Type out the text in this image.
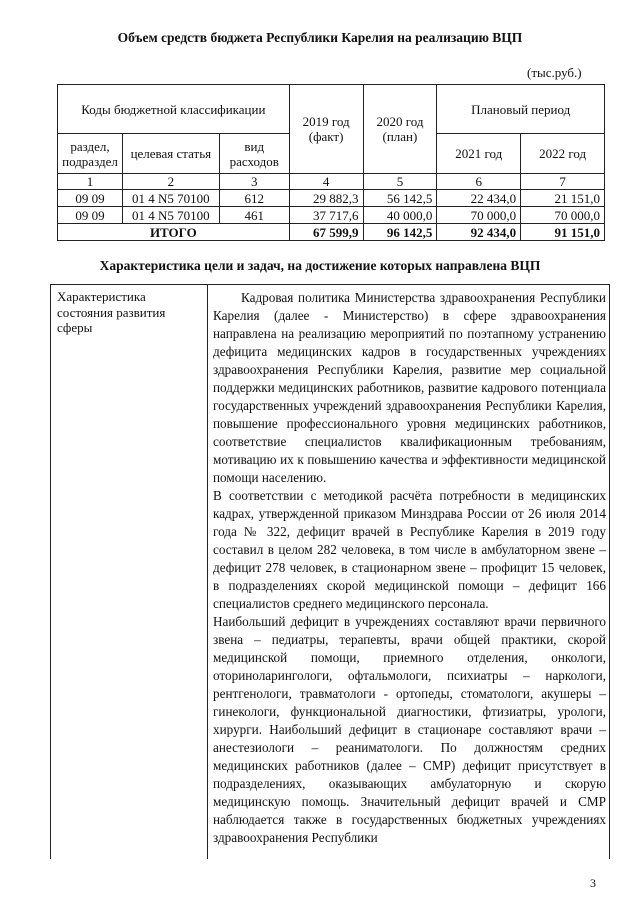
Объем средств бюджета Республики Карелия на реализацию ВЦП
(тыс.руб.)
Коды бюджетной классификации			2019 год (факт)	2020 год (план)	Плановый период	
раздел, подраздел	целевая статья	вид расходов			2021 год	2022 год
1	2	3	4	5	6	7
09 09	01 4 N5 70100	612	29 882,3	56 142,5	22 434,0	21 151,0
09 09	01 4 N5 70100	461	37 717,6	40 000,0	70 000,0	70 000,0
ИТОГО			67 599,9	96 142,5	92 434,0	91 151,0
Характеристика цели и задач, на достижение которых направлена ВЦП
Характеристика состояния развития сферы

Кадровая политика Министерства здравоохранения Республики Карелия (далее - Министерство) в сфере здравоохранения направлена на реализацию мероприятий по поэтапному устранению дефицита медицинских кадров в государственных учреждениях здравоохранения Республики Карелия, развитие мер социальной поддержки медицинских работников, развитие кадрового потенциала государственных учреждений здравоохранения Республики Карелия, повышение профессионального уровня медицинских работников, соответствие специалистов квалификационным требованиям, мотивацию их к повышению качества и эффективности медицинской помощи населению.

В соответствии с методикой расчёта потребности в медицинских кадрах, утвержденной приказом Минздрава России от 26 июля 2014 года № 322, дефицит врачей в Республике Карелия в 2019 году составил в целом 282 человека, в том числе в амбулаторном звене – дефицит 278 человек, в стационарном звене – профицит 15 человек, в подразделениях скорой медицинской помощи – дефицит 166 специалистов среднего медицинского персонала.

Наибольший дефицит в учреждениях составляют врачи первичного звена – педиатры, терапевты, врачи общей практики, скорой медицинской помощи, приемного отделения, онкологи, оториноларингологи, офтальмологи, психиатры – наркологи, рентгенологи, травматологи - ортопеды, стоматологи, акушеры – гинекологи, функциональной диагностики, фтизиатры, урологи, хирурги. Наибольший дефицит в стационаре составляют врачи – анестезиологи – реаниматологи. По должностям средних медицинских работников (далее – СМР) дефицит присутствует в подразделениях, оказывающих амбулаторную и скорую медицинскую помощь. Значительный дефицит врачей и СМР наблюдается также в государственных бюджетных учреждениях здравоохранения Республики

3
